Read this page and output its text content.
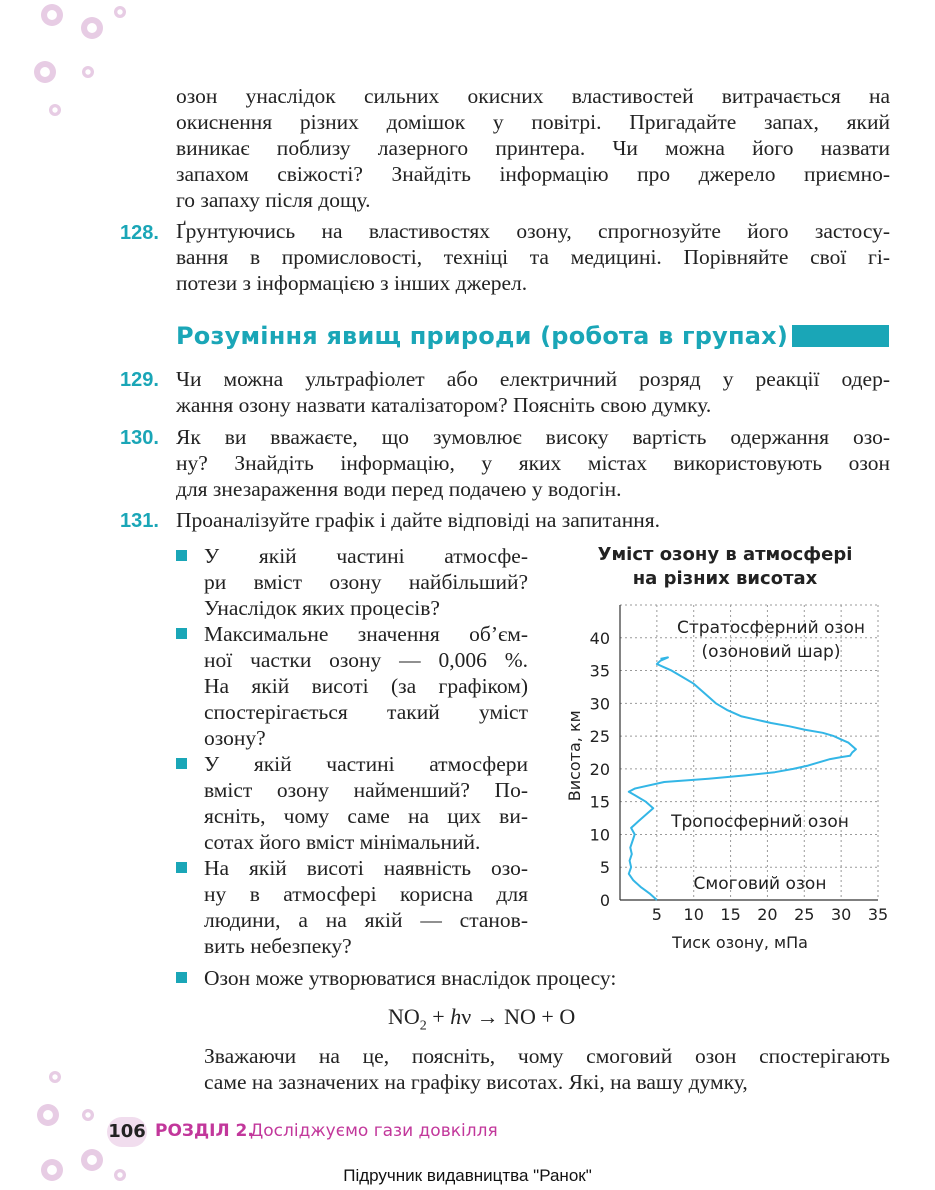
озон унаслідок сильних окисних властивостей витрачається на
окиснення різних домішок у повітрі. Пригадайте запах, який
виникає поблизу лазерного принтера. Чи можна його назвати
запахом свіжості? Знайдіть інформацію про джерело приємно-
го запаху після дощу.
128. Ґрунтуючись на властивостях озону, спрогнозуйте його застосу-
вання в промисловості, техніці та медицині. Порівняйте свої гі-
потези з інформацією з інших джерел.
Розуміння явищ природи (робота в групах)
129. Чи можна ультрафіолет або електричний розряд у реакції одер-
жання озону назвати каталізатором? Поясніть свою думку.
130. Як ви вважаєте, що зумовлює високу вартість одержання озо-
ну? Знайдіть інформацію, у яких містах використовують озон
для знезараження води перед подачею у водогін.
131. Проаналізуйте графік і дайте відповіді на запитання.
У якій частині атмосфе-
ри вміст озону найбільший?
Унаслідок яких процесів?
Максимальне значення об’єм-
ної частки озону — 0,006 %.
На якій висоті (за графіком)
спостерігається такий уміст
озону?
У якій частині атмосфери
вміст озону найменший? По-
ясніть, чому саме на цих ви-
сотах його вміст мінімальний.
На якій висоті наявність озо-
ну в атмосфері корисна для
людини, а на якій — станов-
вить небезпеку?
Уміст озону в атмосфері
на різних висотах
5 10 15 20 25 30 35
0
5
10
15
20
25
30
35
40
Тиск озону, мПа
Висота, км
Стратосферний озон
(озоновий шар)
Тропосферний озон
Смоговий озон
Озон може утворюватися внаслідок процесу:
$NO_2 + h\nu$ → NO + O
Зважаючи на це, поясніть, чому смоговий озон спостерігають
саме на зазначених на графіку висотах. Які, на вашу думку,
106 РОЗДІЛ 2.
Досліджуємо гази довкілля
Підручник видавництва "Ранок"
